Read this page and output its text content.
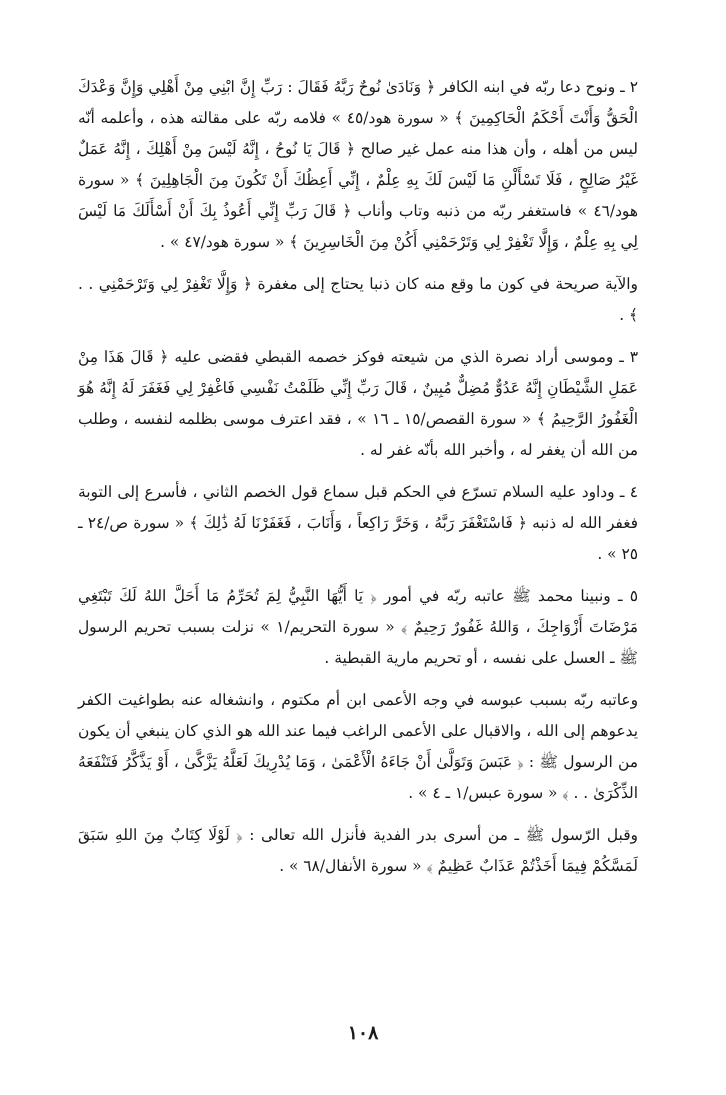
٢ ـ ونوح دعا ربّه في ابنه الكافر ﴿ وَنَادَىٰ نُوحٌ رَبَّهُ فَقَالَ : رَبِّ إِنَّ ابْنِي مِنْ أَهْلِي وَإِنَّ وَعْدَكَ الْحَقُّ وَأَنْتَ أَحْكَمُ الْحَاكِمِينَ ﴾ « سورة هود/٤٥ » فلامه ربّه على مقالته هذه ، وأعلمه أنّه ليس من أهله ، وأن هذا منه عمل غير صالح ﴿ قَالَ يَا نُوحُ ، إِنَّهُ لَيْسَ مِنْ أَهْلِكَ ، إِنَّهُ عَمَلٌ غَيْرُ صَالِحٍ ، فَلَا تَسْأَلْنِ مَا لَيْسَ لَكَ بِهِ عِلْمٌ ، إِنِّي أَعِظُكَ أَنْ تَكُونَ مِنَ الْجَاهِلِينَ ﴾ « سورة هود/٤٦ » فاستغفر ربّه من ذنبه وتاب وأناب ﴿ قَالَ رَبِّ إِنِّي أَعُوذُ بِكَ أَنْ أَسْأَلَكَ مَا لَيْسَ لِي بِهِ عِلْمٌ ، وَإِلَّا تَغْفِرْ لِي وَتَرْحَمْنِي أَكُنْ مِنَ الْخَاسِرِينَ ﴾ « سورة هود/٤٧ » .

والآية صريحة في كون ما وقع منه كان ذنبا يحتاج إلى مغفرة ﴿ وَإِلَّا تَغْفِرْ لِي وَتَرْحَمْنِي . . ﴾ .

٣ ـ وموسى أراد نصرة الذي من شيعته فوكز خصمه القبطي فقضى عليه ﴿ قَالَ هَذَا مِنْ عَمَلِ الشَّيْطَانِ إِنَّهُ عَدُوٌّ مُضِلٌّ مُبِينٌ ، قَالَ رَبِّ إِنِّي ظَلَمْتُ نَفْسِي فَاغْفِرْ لِي فَغَفَرَ لَهُ إِنَّهُ هُوَ الْغَفُورُ الرَّحِيمُ ﴾ « سورة القصص/١٥ ـ ١٦ » ، فقد اعترف موسى بظلمه لنفسه ، وطلب من الله أن يغفر له ، وأخبر الله بأنّه غفر له .

٤ ـ وداود عليه السلام تسرّع في الحكم قبل سماع قول الخصم الثاني ، فأسرع إلى التوبة فغفر الله له ذنبه ﴿ فَاسْتَغْفَرَ رَبَّهُ ، وَخَرَّ رَاكِعاً ، وَأَنَابَ ، فَغَفَرْنَا لَهُ ذَٰلِكَ ﴾ « سورة ص/٢٤ ـ ٢٥ » .

٥ ـ ونبينا محمد ﷺ عاتبه ربّه في أمور ﴿ يَا أَيُّهَا النَّبِيُّ لِمَ تُحَرِّمُ مَا أَحَلَّ اللهُ لَكَ تَبْتَغِي مَرْضَاتَ أَزْوَاجِكَ ، وَاللهُ غَفُورٌ رَحِيمٌ ﴾ « سورة التحريم/١ » نزلت بسبب تحريم الرسول ﷺ ـ العسل على نفسه ، أو تحريم مارية القبطية .

وعاتبه ربّه بسبب عبوسه في وجه الأعمى ابن أم مكتوم ، وانشغاله عنه بطواغيت الكفر يدعوهم إلى الله ، والاقبال على الأعمى الراغب فيما عند الله هو الذي كان ينبغي أن يكون من الرسول ﷺ : ﴿ عَبَسَ وَتَوَلَّىٰ أَنْ جَاءَهُ الْأَعْمَىٰ ، وَمَا يُدْرِيكَ لَعَلَّهُ يَزَّكَّىٰ ، أَوْ يَذَّكَّرُ فَتَنْفَعَهُ الذِّكْرَىٰ . . ﴾ « سورة عبس/١ ـ ٤ » .

وقبل الرّسول ﷺ ـ من أسرى بدر الفدية فأنزل الله تعالى : ﴿ لَوْلَا كِتَابٌ مِنَ اللهِ سَبَقَ لَمَسَّكُمْ فِيمَا أَخَذْتُمْ عَذَابٌ عَظِيمٌ ﴾ « سورة الأنفال/٦٨ » .

١٠٨
